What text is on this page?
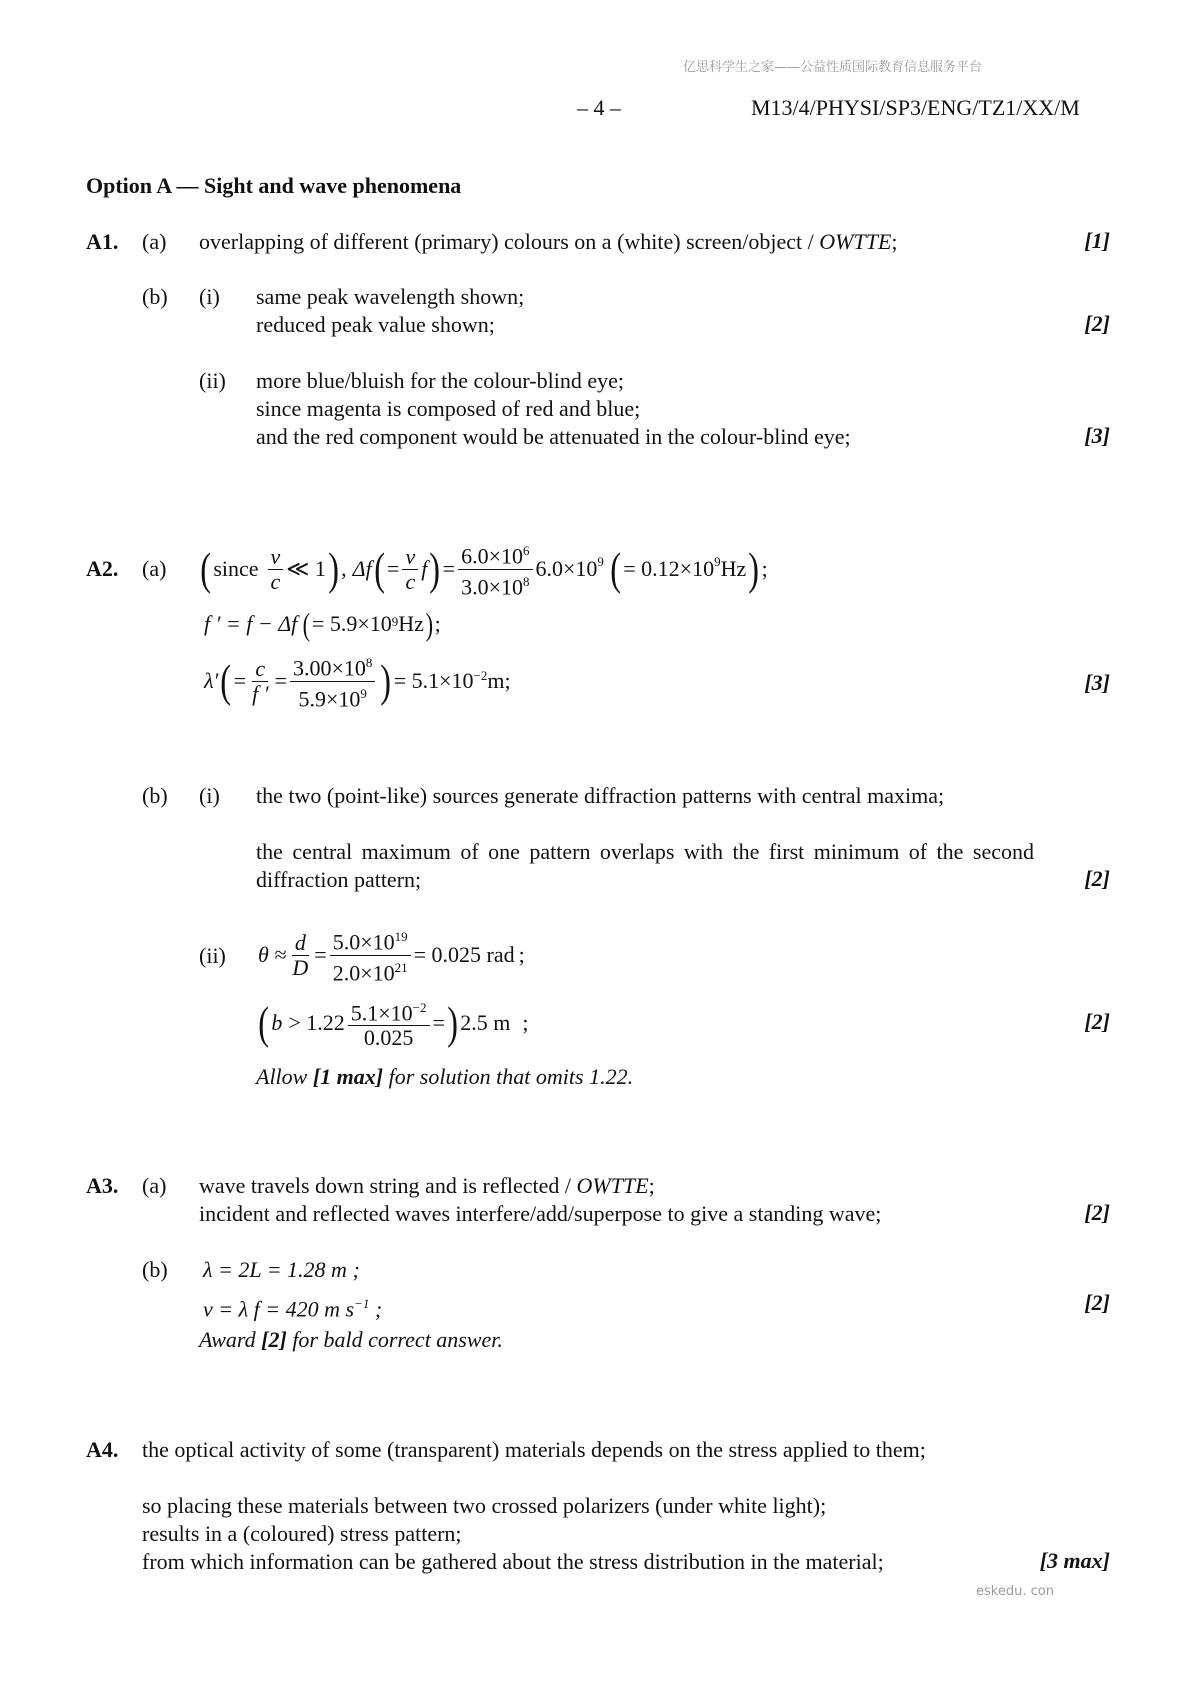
亿思科学生之家——公益性质国际教育信息服务平台
– 4 –	M13/4/PHYSI/SP3/ENG/TZ1/XX/M
Option A — Sight and wave phenomena
A1. (a) overlapping of different (primary) colours on a (white) screen/object / OWTTE;	[1]
(b) (i) same peak wavelength shown;
reduced peak value shown;	[2]
(ii) more blue/bluish for the colour-blind eye;
since magenta is composed of red and blue;
and the red component would be attenuated in the colour-blind eye;	[3]
A2. (a) ( since $\frac{v}{c}$ ≪ 1 ) , Δf ( = $\frac{v}{c}$ f ) = $\frac{6.0\times 10^6}{3.0\times 10^8} 6.0\times 10^9$ ( = $0.12\times 10^9$ Hz ) ;
f ′ = f − Δf ( = 5.9×10 9 Hz ) ;
λ′ ( = $\frac{c}{f '} = \frac{3.00\times 10^8}{5.9\times 10^9}$ ) = $5.1\times 10^{-2}$ m ;	[3]
(b) (i) the two (point-like) sources generate diffraction patterns with central maxima;
the central maximum of one pattern overlaps with the first minimum of the second diffraction pattern;	[2]
(ii) $\theta \approx \frac{d}{D} = \frac{5.0\times 10^{19}}{2.0\times 10^{21}} = 0.025$ rad ;
( $b > 1.22 \frac{5.1\times 10^{-2}}{0.025}$ = ) 2.5 m ;	[2]
Allow [1 max] for solution that omits 1.22.
A3. (a) wave travels down string and is reflected / OWTTE;
incident and reflected waves interfere/add/superpose to give a standing wave;	[2]
(b) λ = 2L = 1.28 m ;
v = λ f = 420 m $s^{-1}$ ;	[2]
Award [2] for bald correct answer.
A4. the optical activity of some (transparent) materials depends on the stress applied to them;
so placing these materials between two crossed polarizers (under white light);
results in a (coloured) stress pattern;
from which information can be gathered about the stress distribution in the material;	[3 max]
eskedu. con
